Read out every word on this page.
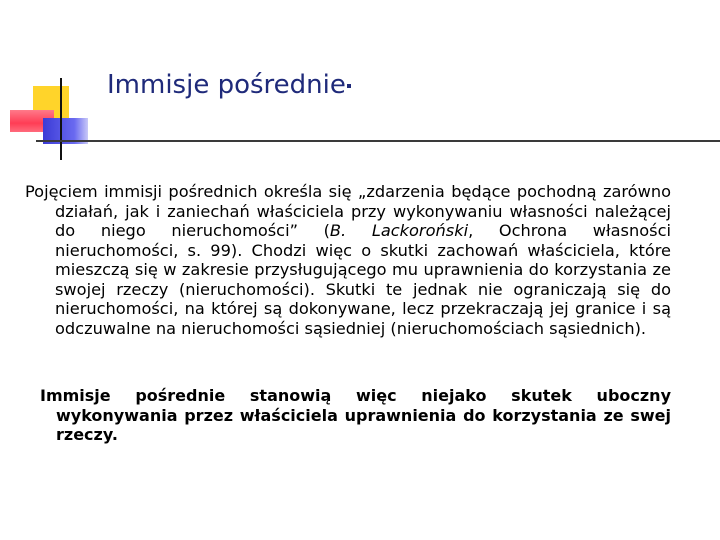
Immisje pośrednie

Pojęciem immisji pośrednich określa się „zdarzenia będące pochodną zarówno działań, jak i zaniechań właściciela przy wykonywaniu własności należącej do niego nieruchomości” (B. Lackoroński, Ochrona własności nieruchomości, s. 99). Chodzi więc o skutki zachowań właściciela, które mieszczą się w zakresie przysługującego mu uprawnienia do korzystania ze swojej rzeczy (nieruchomości). Skutki te jednak nie ograniczają się do nieruchomości, na której są dokonywane, lecz przekraczają jej granice i są odczuwalne na nieruchomości sąsiedniej (nieruchomościach sąsiednich).

Immisje pośrednie stanowią więc niejako skutek uboczny wykonywania przez właściciela uprawnienia do korzystania ze swej rzeczy.
